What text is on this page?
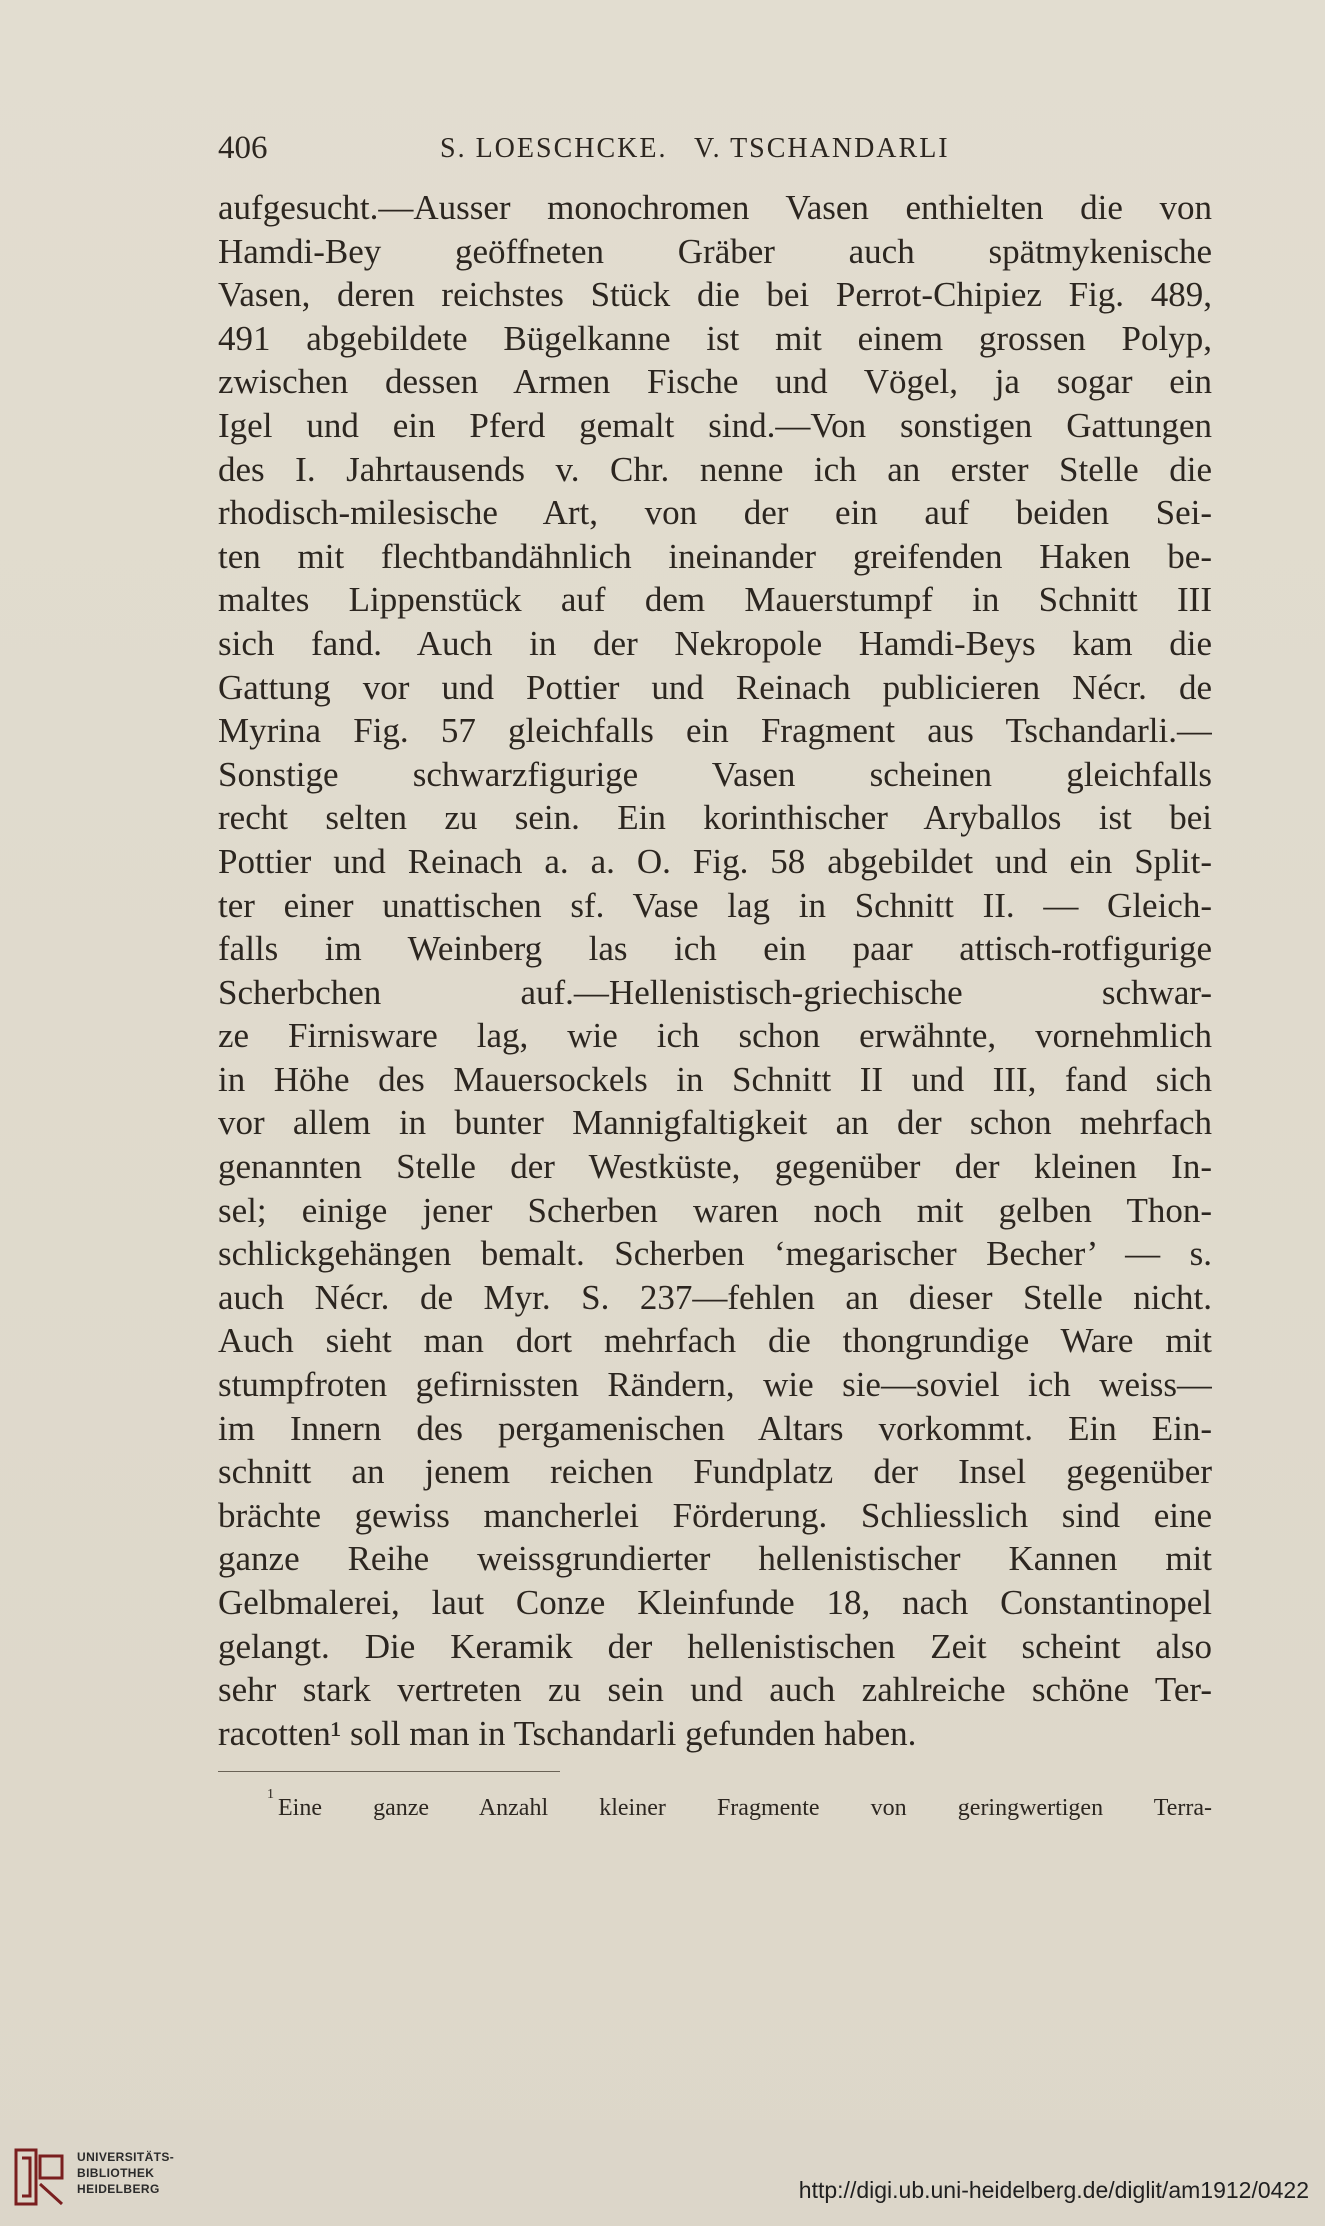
406	S. LOESCHCKE.   V. TSCHANDARLI
aufgesucht.—Ausser monochromen Vasen enthielten die von
Hamdi-Bey geöffneten Gräber auch spätmykenische
Vasen, deren reichstes Stück die bei Perrot-Chipiez Fig. 489,
491 abgebildete Bügelkanne ist mit einem grossen Polyp,
zwischen dessen Armen Fische und Vögel, ja sogar ein
Igel und ein Pferd gemalt sind.—Von sonstigen Gattungen
des I. Jahrtausends v. Chr. nenne ich an erster Stelle die
rhodisch-milesische Art, von der ein auf beiden Sei-
ten mit flechtbandähnlich ineinander greifenden Haken be-
maltes Lippenstück auf dem Mauerstumpf in Schnitt III
sich fand. Auch in der Nekropole Hamdi-Beys kam die
Gattung vor und Pottier und Reinach publicieren Nécr. de
Myrina Fig. 57 gleichfalls ein Fragment aus Tschandarli.—
Sonstige schwarzfigurige Vasen scheinen gleichfalls
recht selten zu sein. Ein korinthischer Aryballos ist bei
Pottier und Reinach a. a. O. Fig. 58 abgebildet und ein Split-
ter einer unattischen sf. Vase lag in Schnitt II. — Gleich-
falls im Weinberg las ich ein paar attisch-rotfigurige
Scherbchen auf.—Hellenistisch-griechische schwar-
ze Firnisware lag, wie ich schon erwähnte, vornehmlich
in Höhe des Mauersockels in Schnitt II und III, fand sich
vor allem in bunter Mannigfaltigkeit an der schon mehrfach
genannten Stelle der Westküste, gegenüber der kleinen In-
sel; einige jener Scherben waren noch mit gelben Thon-
schlickgehängen bemalt. Scherben ‘megarischer Becher’ — s.
auch Nécr. de Myr. S. 237—fehlen an dieser Stelle nicht.
Auch sieht man dort mehrfach die thongrundige Ware mit
stumpfroten gefirnissten Rändern, wie sie—soviel ich weiss—
im Innern des pergamenischen Altars vorkommt. Ein Ein-
schnitt an jenem reichen Fundplatz der Insel gegenüber
brächte gewiss mancherlei Förderung. Schliesslich sind eine
ganze Reihe weissgrundierter hellenistischer Kannen mit
Gelbmalerei, laut Conze Kleinfunde 18, nach Constantinopel
gelangt. Die Keramik der hellenistischen Zeit scheint also
sehr stark vertreten zu sein und auch zahlreiche schöne Ter-
racotten¹ soll man in Tschandarli gefunden haben.
1
Eine ganze Anzahl kleiner Fragmente von geringwertigen Terra-
UNIVERSITÄTS-
BIBLIOTHEK
HEIDELBERG	http://digi.ub.uni-heidelberg.de/diglit/am1912/0422
